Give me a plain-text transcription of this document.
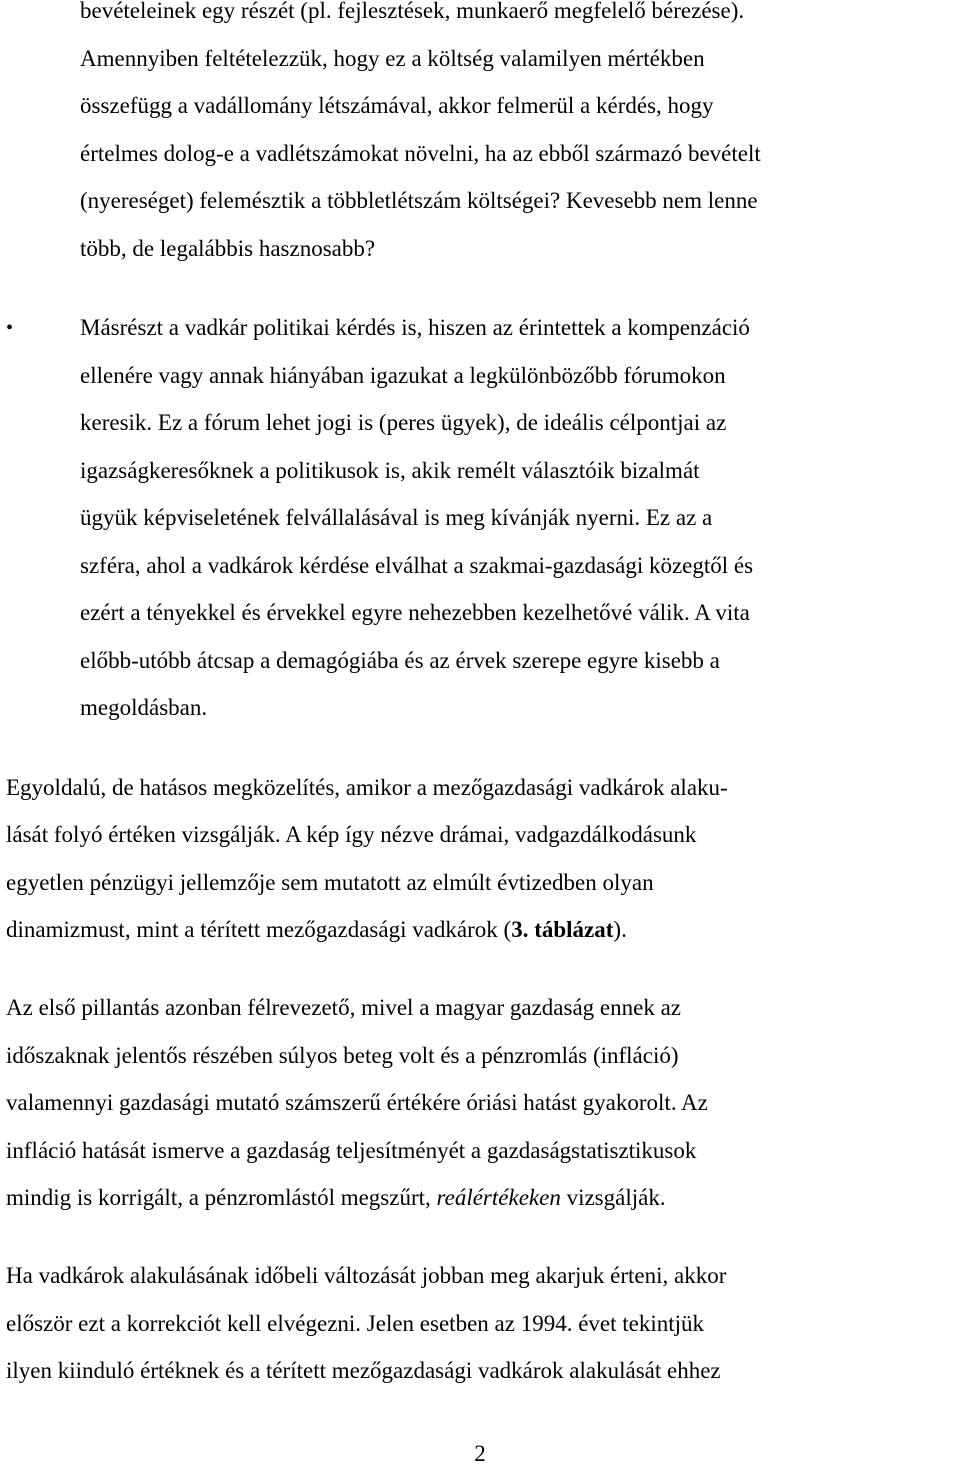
bevételeinek egy részét (pl. fejlesztések, munkaerő megfelelő bérezése).
Amennyiben feltételezzük, hogy ez a költség valamilyen mértékben
összefügg a vadállomány létszámával, akkor felmerül a kérdés, hogy
értelmes dolog-e a vadlétszámokat növelni, ha az ebből származó bevételt
(nyereséget) felemésztik a többletlétszám költségei? Kevesebb nem lenne
több, de legalábbis hasznosabb?
•	Másrészt a vadkár politikai kérdés is, hiszen az érintettek a kompenzáció
ellenére vagy annak hiányában igazukat a legkülönbözőbb fórumokon
keresik. Ez a fórum lehet jogi is (peres ügyek), de ideális célpontjai az
igazságkeresőknek a politikusok is, akik remélt választóik bizalmát
ügyük képviseletének felvállalásával is meg kívánják nyerni. Ez az a
szféra, ahol a vadkárok kérdése elválhat a szakmai-gazdasági közegtől és
ezért a tényekkel és érvekkel egyre nehezebben kezelhetővé válik. A vita
előbb-utóbb átcsap a demagógiába és az érvek szerepe egyre kisebb a
megoldásban.
Egyoldalú, de hatásos megközelítés, amikor a mezőgazdasági vadkárok alaku-
lását folyó értéken vizsgálják. A kép így nézve drámai, vadgazdálkodásunk
egyetlen pénzügyi jellemzője sem mutatott az elmúlt évtizedben olyan
dinamizmust, mint a térített mezőgazdasági vadkárok (3. táblázat).
Az első pillantás azonban félrevezető, mivel a magyar gazdaság ennek az
időszaknak jelentős részében súlyos beteg volt és a pénzromlás (infláció)
valamennyi gazdasági mutató számszerű értékére óriási hatást gyakorolt. Az
infláció hatását ismerve a gazdaság teljesítményét a gazdaságstatisztikusok
mindig is korrigált, a pénzromlástól megszűrt, reálértékeken vizsgálják.
Ha vadkárok alakulásának időbeli változását jobban meg akarjuk érteni, akkor
először ezt a korrekciót kell elvégezni. Jelen esetben az 1994. évet tekintjük
ilyen kiinduló értéknek és a térített mezőgazdasági vadkárok alakulását ehhez
2
